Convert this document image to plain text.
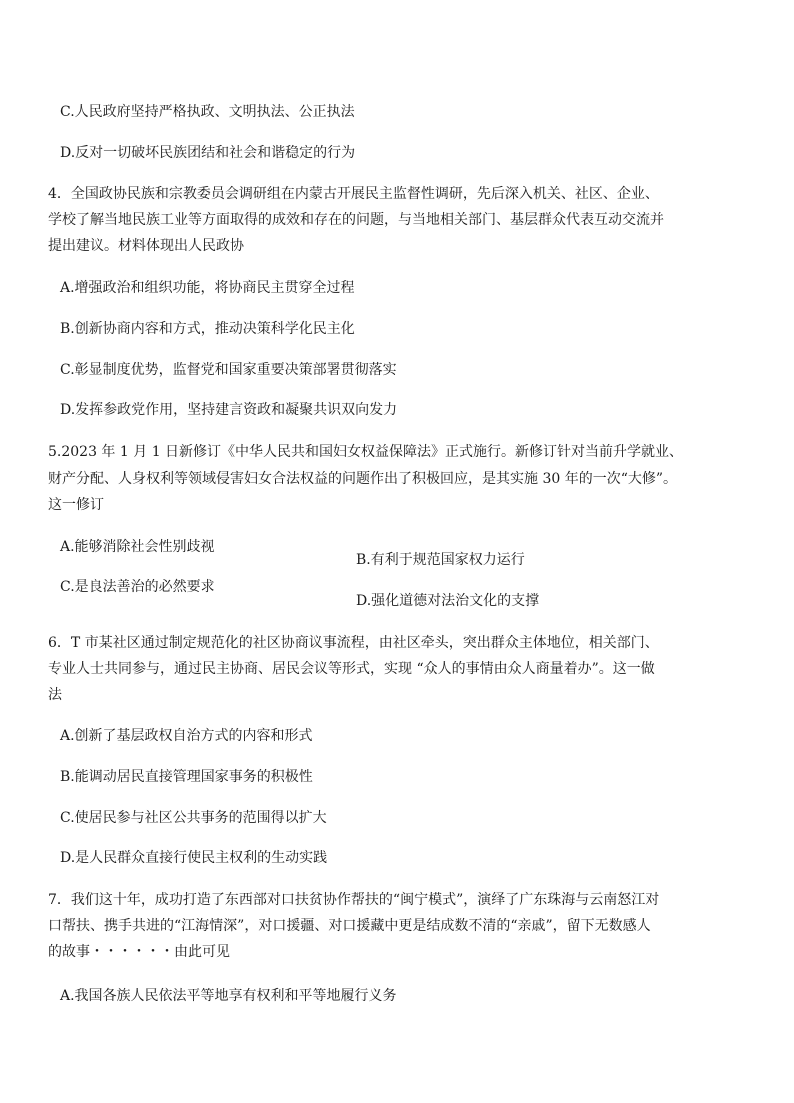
C.人民政府坚持严格执政、文明执法、公正执法
D.反对一切破坏民族团结和社会和谐稳定的行为
4．全国政协民族和宗教委员会调研组在内蒙古开展民主监督性调研，先后深入机关、社区、企业、
学校了解当地民族工业等方面取得的成效和存在的问题，与当地相关部门、基层群众代表互动交流并
提出建议。材料体现出人民政协
A.增强政治和组织功能，将协商民主贯穿全过程
B.创新协商内容和方式，推动决策科学化民主化
C.彰显制度优势，监督党和国家重要决策部署贯彻落实
D.发挥参政党作用，坚持建言资政和凝聚共识双向发力
5.2023 年 1 月 1 日新修订《中华人民共和国妇女权益保障法》正式施行。新修订针对当前升学就业、
财产分配、人身权利等领域侵害妇女合法权益的问题作出了积极回应，是其实施 30 年的一次“大修”。
这一修订
A.能够消除社会性别歧视
B.有利于规范国家权力运行
C.是良法善治的必然要求
D.强化道德对法治文化的支撑
6．T 市某社区通过制定规范化的社区协商议事流程，由社区牵头，突出群众主体地位，相关部门、
专业人士共同参与，通过民主协商、居民会议等形式，实现 “众人的事情由众人商量着办”。这一做
法
A.创新了基层政权自治方式的内容和形式
B.能调动居民直接管理国家事务的积极性
C.使居民参与社区公共事务的范围得以扩大
D.是人民群众直接行使民主权利的生动实践
7．我们这十年，成功打造了东西部对口扶贫协作帮扶的“闽宁模式”，演绎了广东珠海与云南怒江对
口帮扶、携手共进的“江海情深”，对口援疆、对口援藏中更是结成数不清的“亲戚”，留下无数感人
的故事・・・・・・由此可见
A.我国各族人民依法平等地享有权利和平等地履行义务
